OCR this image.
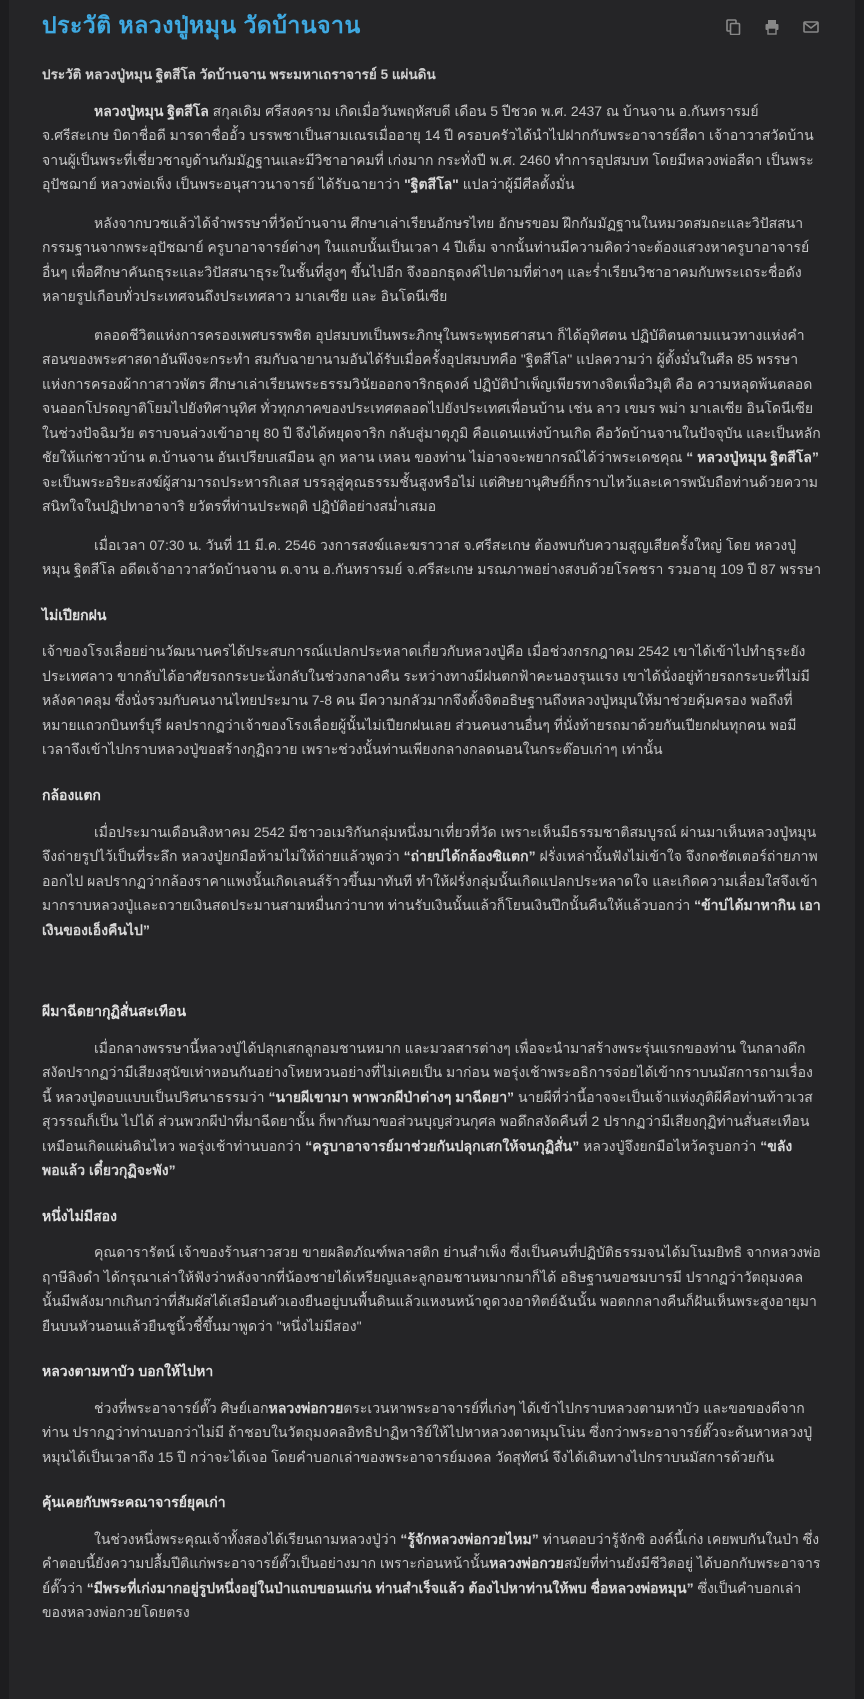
ประวัติ หลวงปู่หมุน วัดบ้านจาน
ประวัติ หลวงปู่หมุน ฐิตสีโล วัดบ้านจาน พระมหาเถราจารย์ 5 แผ่นดิน

หลวงปู่หมุน ฐิตสีโล สกุลเดิม ศรีสงคราม เกิดเมื่อวันพฤหัสบดี เดือน 5 ปีชวด พ.ศ. 2437 ณ บ้านจาน อ.กันทรารมย์ จ.ศรีสะเกษ บิดาชื่อดี มารดาชื่ออั้ว บรรพชาเป็นสามเณรเมื่ออายุ 14 ปี ครอบครัวได้นำไปฝากกับพระอาจารย์สีดา เจ้าอาวาสวัดบ้านจานผู้เป็นพระที่เชี่ยวชาญด้านกัมมัฏฐานและมีวิชาอาคมที่ เก่งมาก กระทั่งปี พ.ศ. 2460 ทำการอุปสมบท โดยมีหลวงพ่อสีดา เป็นพระอุปัชฌาย์ หลวงพ่อเพ็ง เป็นพระอนุสาวนาจารย์ ได้รับฉายาว่า "ฐิตสีโล" แปลว่าผู้มีศีลตั้งมั่น

หลังจากบวชแล้วได้จำพรรษาที่วัดบ้านจาน ศึกษาเล่าเรียนอักษรไทย อักษรขอม ฝึกกัมมัฏฐานในหมวดสมถะและวิปัสสนากรรมฐานจากพระอุปัชฌาย์ ครูบาอาจารย์ต่างๆ ในแถบนั้นเป็นเวลา 4 ปีเต็ม จากนั้นท่านมีความคิดว่าจะต้องแสวงหาครูบาอาจารย์อื่นๆ เพื่อศึกษาคันถธุระและวิปัสสนาธุระในชั้นที่สูงๆ ขึ้นไปอีก จึงออกธุดงค์ไปตามที่ต่างๆ และร่ำเรียนวิชาอาคมกับพระเถระชื่อดังหลายรูปเกือบทั่วประเทศจนถึงประเทศลาว มาเลเซีย และ อินโดนีเซีย

ตลอดชีวิตแห่งการครองเพศบรรพชิต อุปสมบทเป็นพระภิกษุในพระพุทธศาสนา ก็ได้อุทิศตน ปฏิบัติตนตามแนวทางแห่งคำสอนของพระศาสดาอันพึงจะกระทำ สมกับฉายานามอันได้รับเมื่อครั้งอุปสมบทคือ "ฐิตสีโล" แปลความว่า ผู้ตั้งมั่นในศีล 85 พรรษาแห่งการครองผ้ากาสาวพัตร ศึกษาเล่าเรียนพระธรรมวินัยออกจาริกธุดงค์ ปฏิบัติบำเพ็ญเพียรทางจิตเพื่อวิมุติ คือ ความหลุดพ้นตลอดจนออกโปรดญาติโยมไปยังทิศานุทิศ ทั่วทุกภาคของประเทศตลอดไปยังประเทศเพื่อนบ้าน เช่น ลาว เขมร พม่า มาเลเซีย อินโดนีเซีย ในช่วงปัจฉิมวัย ตราบจนล่วงเข้าอายุ 80 ปี จึงได้หยุดจาริก กลับสู่มาตุภูมิ คือแดนแห่งบ้านเกิด คือวัดบ้านจานในปัจจุบัน และเป็นหลักชัยให้แก่ชาวบ้าน ต.บ้านจาน อันเปรียบเสมือน ลูก หลาน เหลน ของท่าน ไม่อาจจะพยากรณ์ได้ว่าพระเดชคุณ “ หลวงปู่หมุน ฐิตสีโล” จะเป็นพระอริยะสงฆ์ผู้สามารถประหารกิเลส บรรลุสู่คุณธรรมชั้นสูงหรือไม่ แต่ศิษยานุศิษย์ก็กราบไหว้และเคารพนับถือท่านด้วยความสนิทใจในปฏิปทาอาจาริ ยวัตรที่ท่านประพฤติ ปฏิบัติอย่างสม่ำเสมอ

เมื่อเวลา 07:30 น. วันที่ 11 มี.ค. 2546 วงการสงฆ์และฆราวาส จ.ศรีสะเกษ ต้องพบกับความสูญเสียครั้งใหญ่ โดย หลวงปู่หมุน ฐิตสีโล อดีตเจ้าอาวาสวัดบ้านจาน ต.จาน อ.กันทรารมย์ จ.ศรีสะเกษ มรณภาพอย่างสงบด้วยโรคชรา รวมอายุ 109 ปี 87 พรรษา

ไม่เปียกฝน

เจ้าของโรงเลื่อยย่านวัฒนานครได้ประสบการณ์แปลกประหลาดเกี่ยวกับหลวงปู่คือ เมื่อช่วงกรกฎาคม 2542 เขาได้เข้าไปทำธุระยังประเทศลาว ขากลับได้อาศัยรถกระบะนั่งกลับในช่วงกลางคืน ระหว่างทางมีฝนตกฟ้าคะนองรุนแรง เขาได้นั่งอยู่ท้ายรถกระบะที่ไม่มีหลังคาคลุม ซึ่งนั่งรวมกับคนงานไทยประมาน 7-8 คน มีความกลัวมากจึงตั้งจิตอธิษฐานถึงหลวงปู่หมุนให้มาช่วยคุ้มครอง พอถึงที่หมายแถวกบินทร์บุรี ผลปรากฏว่าเจ้าของโรงเลื่อยผู้นั้นไม่เปียกฝนเลย ส่วนคนงานอื่นๆ ที่นั่งท้ายรถมาด้วยกันเปียกฝนทุกคน พอมีเวลาจึงเข้าไปกราบหลวงปู่ขอสร้างกุฏิถวาย เพราะช่วงนั้นท่านเพียงกลางกลดนอนในกระต๊อบเก่าๆ เท่านั้น

กล้องแตก

เมื่อประมานเดือนสิงหาคม 2542 มีชาวอเมริกันกลุ่มหนึ่งมาเที่ยวที่วัด เพราะเห็นมีธรรมชาติสมบูรณ์ ผ่านมาเห็นหลวงปู่หมุน จึงถ่ายรูปไว้เป็นที่ระลึก หลวงปู่ยกมือห้ามไม่ให้ถ่ายแล้วพูดว่า “ถ่ายบ่ได้กล้องซิแตก” ฝรั่งเหล่านั้นฟังไม่เข้าใจ จึงกดชัตเตอร์ถ่ายภาพออกไป ผลปรากฏว่ากล้องราคาแพงนั้นเกิดเลนส์ร้าวขึ้นมาทันที ทำให้ฝรั่งกลุ่มนั้นเกิดแปลกประหลาดใจ และเกิดความเลื่อมใสจึงเข้ามากราบหลวงปู่และถวายเงินสดประมานสามหมื่นกว่าบาท ท่านรับเงินนั้นแล้วก็โยนเงินปึกนั้นคืนให้แล้วบอกว่า “ข้าบ่ได้มาหากิน เอาเงินของเอ็งคืนไป”

ผีมาฉีดยากุฏิสั่นสะเทือน

เมื่อกลางพรรษานี้หลวงปู่ได้ปลุกเสกลูกอมชานหมาก และมวลสารต่างๆ เพื่อจะนำมาสร้างพระรุ่นแรกของท่าน ในกลางดึกสงัดปรากฏว่ามีเสียงสุนัขเห่าหอนกันอย่างโหยหวนอย่างที่ไม่เคยเป็น มาก่อน พอรุ่งเช้าพระอธิการจ่อยได้เข้ากราบนมัสการถามเรื่องนี้ หลวงปู่ตอบแบบเป็นปริศนาธรรมว่า “นายผีเขามา พาพวกผีป่าต่างๆ มาฉีดยา” นายผีที่ว่านี้อาจจะเป็นเจ้าแห่งภูติผีคือท่านท้าวเวสสุวรรณก็เป็น ไปได้ ส่วนพวกผีป่าที่มาฉีดยานั้น ก็พากันมาขอส่วนบุญส่วนกุศล พอดึกสงัดคืนที่ 2 ปรากฏว่ามีเสียงกุฏิท่านสั่นสะเทือนเหมือนเกิดแผ่นดินไหว พอรุ่งเช้าท่านบอกว่า “ครูบาอาจารย์มาช่วยกันปลุกเสกให้จนกุฏิสั่น” หลวงปู่จึงยกมือไหว้ครูบอกว่า “ขลังพอแล้ว เดี๋ยวกุฏิจะพัง”

หนึ่งไม่มีสอง

คุณดารารัตน์ เจ้าของร้านสาวสวย ขายผลิตภัณฑ์พลาสติก ย่านสำเพ็ง ซึ่งเป็นคนที่ปฏิบัติธรรมจนได้มโนมยิทธิ จากหลวงพ่อฤาษีลิงดำ ได้กรุณาเล่าให้ฟังว่าหลังจากที่น้องชายได้เหรียญและลูกอมชานหมากมาก็ได้ อธิษฐานขอชมบารมี ปรากฏว่าวัตถุมงคลนั้นมีพลังมากเกินกว่าที่สัมผัสได้เสมือนตัวเองยืนอยู่บนพื้นดินแล้วแหงนหน้าดูดวงอาทิตย์ฉันนั้น พอตกกลางคืนก็ฝันเห็นพระสูงอายุมายืนบนหัวนอนแล้วยืนชูนิ้วชี้ขึ้นมาพูดว่า "หนึ่งไม่มีสอง"

หลวงตามหาบัว บอกให้ไปหา

ช่วงที่พระอาจารย์ตั๊ว ศิษย์เอกหลวงพ่อกวยตระเวนหาพระอาจารย์ที่เก่งๆ ได้เข้าไปกราบหลวงตามหาบัว และขอของดีจากท่าน ปรากฏว่าท่านบอกว่าไม่มี ถ้าชอบในวัตถุมงคลอิทธิปาฏิหาริย์ให้ไปหาหลวงตาหมุนโน่น ซึ่งกว่าพระอาจารย์ตั๊วจะค้นหาหลวงปู่หมุนได้เป็นเวลาถึง 15 ปี กว่าจะได้เจอ โดยคำบอกเล่าของพระอาจารย์มงคล วัดสุทัศน์ จึงได้เดินทางไปกราบนมัสการด้วยกัน

คุ้นเคยกับพระคณาจารย์ยุคเก่า

ในช่วงหนึ่งพระคุณเจ้าทั้งสองได้เรียนถามหลวงปู่ว่า “รู้จักหลวงพ่อกวยไหม” ท่านตอบว่ารู้จักซิ องค์นี้เก่ง เคยพบกันในป่า ซึ่งคำตอบนี้ยังความปลื้มปีติแก่พระอาจารย์ตั๊วเป็นอย่างมาก เพราะก่อนหน้านั้นหลวงพ่อกวยสมัยที่ท่านยังมีชีวิตอยู่ ได้บอกกับพระอาจารย์ตั๊วว่า “มีพระที่เก่งมากอยู่รูปหนึ่งอยู่ในป่าแถบขอนแก่น ท่านสำเร็จแล้ว ต้องไปหาท่านให้พบ ชื่อหลวงพ่อหมุน” ซึ่งเป็นคำบอกเล่าของหลวงพ่อกวยโดยตรง
